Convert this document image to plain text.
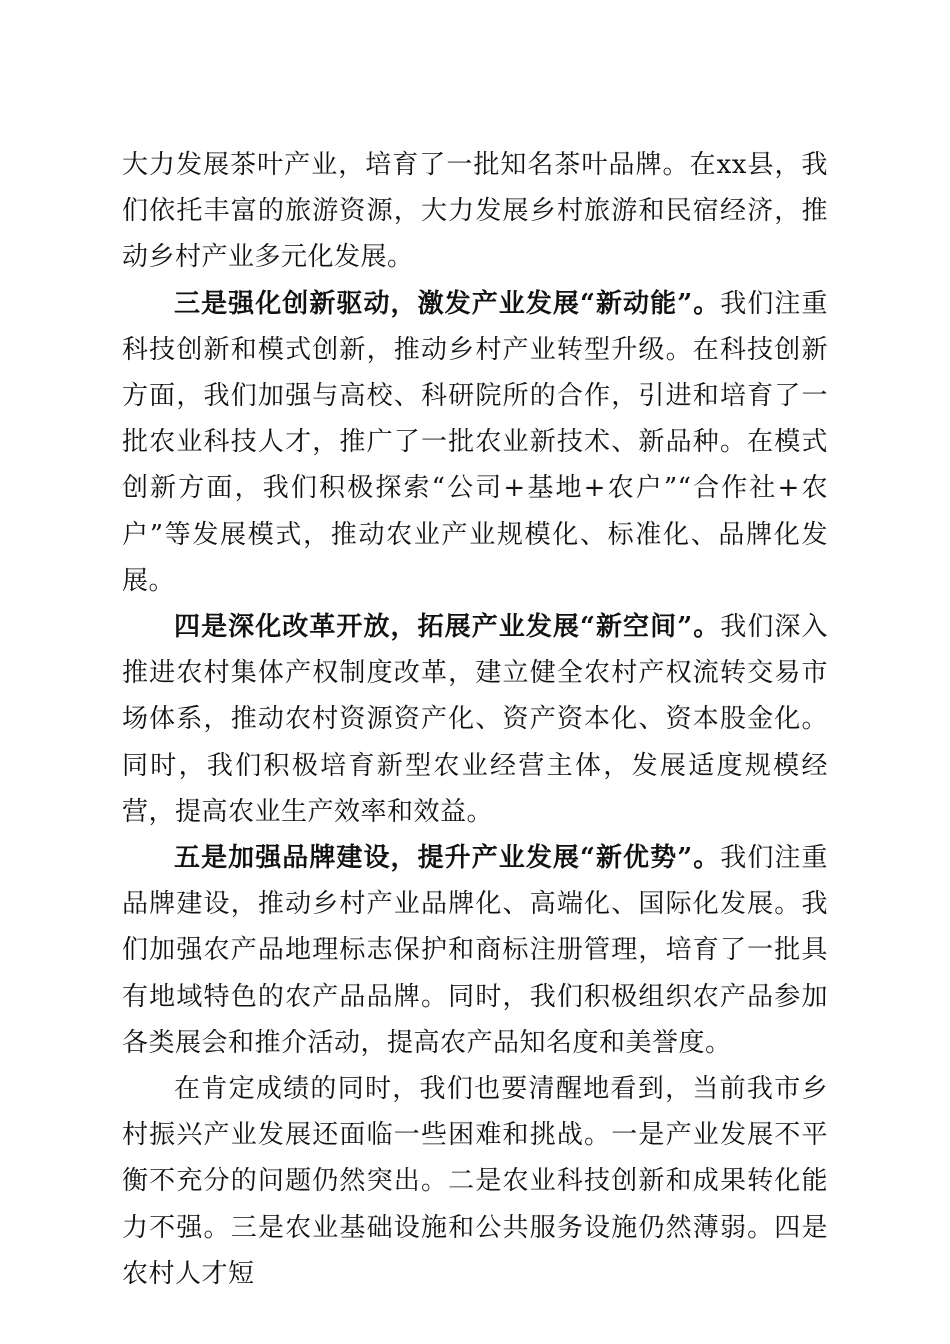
大力发展茶叶产业，培育了一批知名茶叶品牌。在xx县，我们依托丰富的旅游资源，大力发展乡村旅游和民宿经济，推动乡村产业多元化发展。

三是强化创新驱动，激发产业发展“新动能”。我们注重科技创新和模式创新，推动乡村产业转型升级。在科技创新方面，我们加强与高校、科研院所的合作，引进和培育了一批农业科技人才，推广了一批农业新技术、新品种。在模式创新方面，我们积极探索“公司+基地+农户”“合作社+农户”等发展模式，推动农业产业规模化、标准化、品牌化发展。

四是深化改革开放，拓展产业发展“新空间”。我们深入推进农村集体产权制度改革，建立健全农村产权流转交易市场体系，推动农村资源资产化、资产资本化、资本股金化。同时，我们积极培育新型农业经营主体，发展适度规模经营，提高农业生产效率和效益。

五是加强品牌建设，提升产业发展“新优势”。我们注重品牌建设，推动乡村产业品牌化、高端化、国际化发展。我们加强农产品地理标志保护和商标注册管理，培育了一批具有地域特色的农产品品牌。同时，我们积极组织农产品参加各类展会和推介活动，提高农产品知名度和美誉度。

在肯定成绩的同时，我们也要清醒地看到，当前我市乡村振兴产业发展还面临一些困难和挑战。一是产业发展不平衡不充分的问题仍然突出。二是农业科技创新和成果转化能力不强。三是农业基础设施和公共服务设施仍然薄弱。四是农村人才短
